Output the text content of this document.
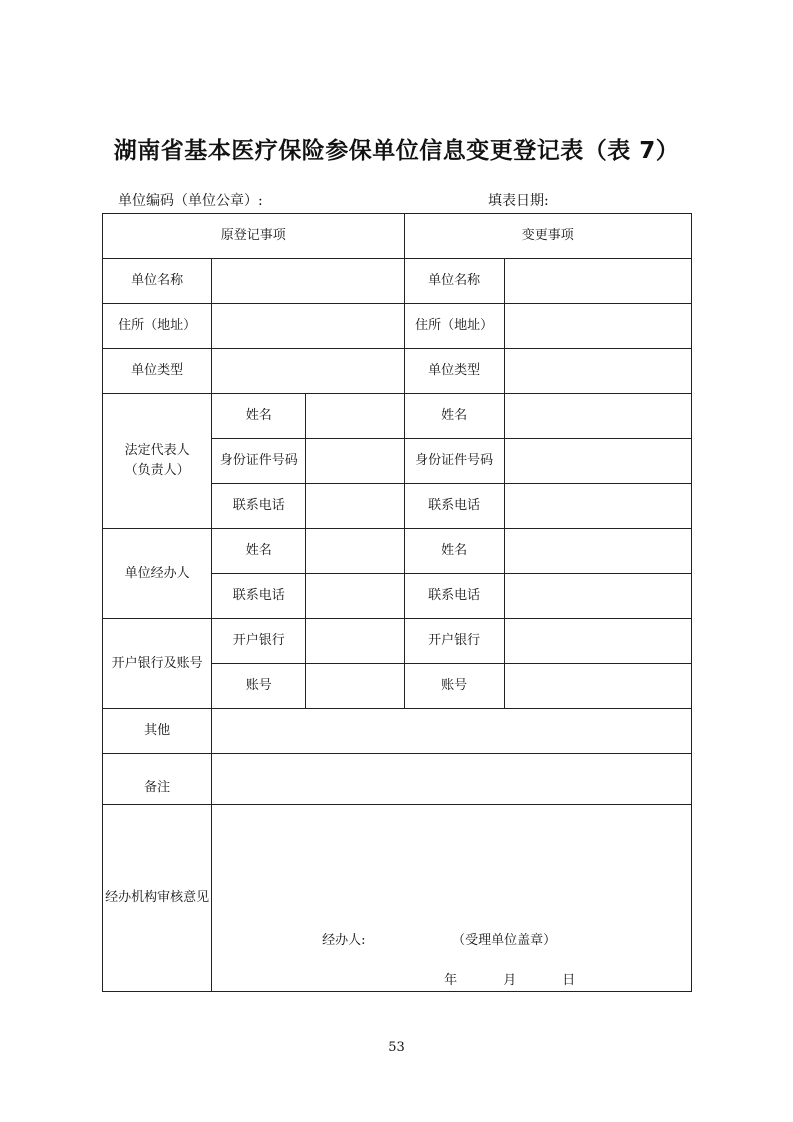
湖南省基本医疗保险参保单位信息变更登记表（表 7）
单位编码（单位公章）:	填表日期:
原登记事项			变更事项	
单位名称			单位名称	
住所（地址）			住所（地址）	
单位类型			单位类型	
法定代表人（负责人）	姓名		姓名	
	身份证件号码		身份证件号码	
	联系电话		联系电话	
单位经办人	姓名		姓名	
	联系电话		联系电话	
开户银行及账号	开户银行		开户银行	
	账号		账号	
其他				
备注				
经办机构审核意见	经办人: （受理单位盖章）
年 月 日			
53
